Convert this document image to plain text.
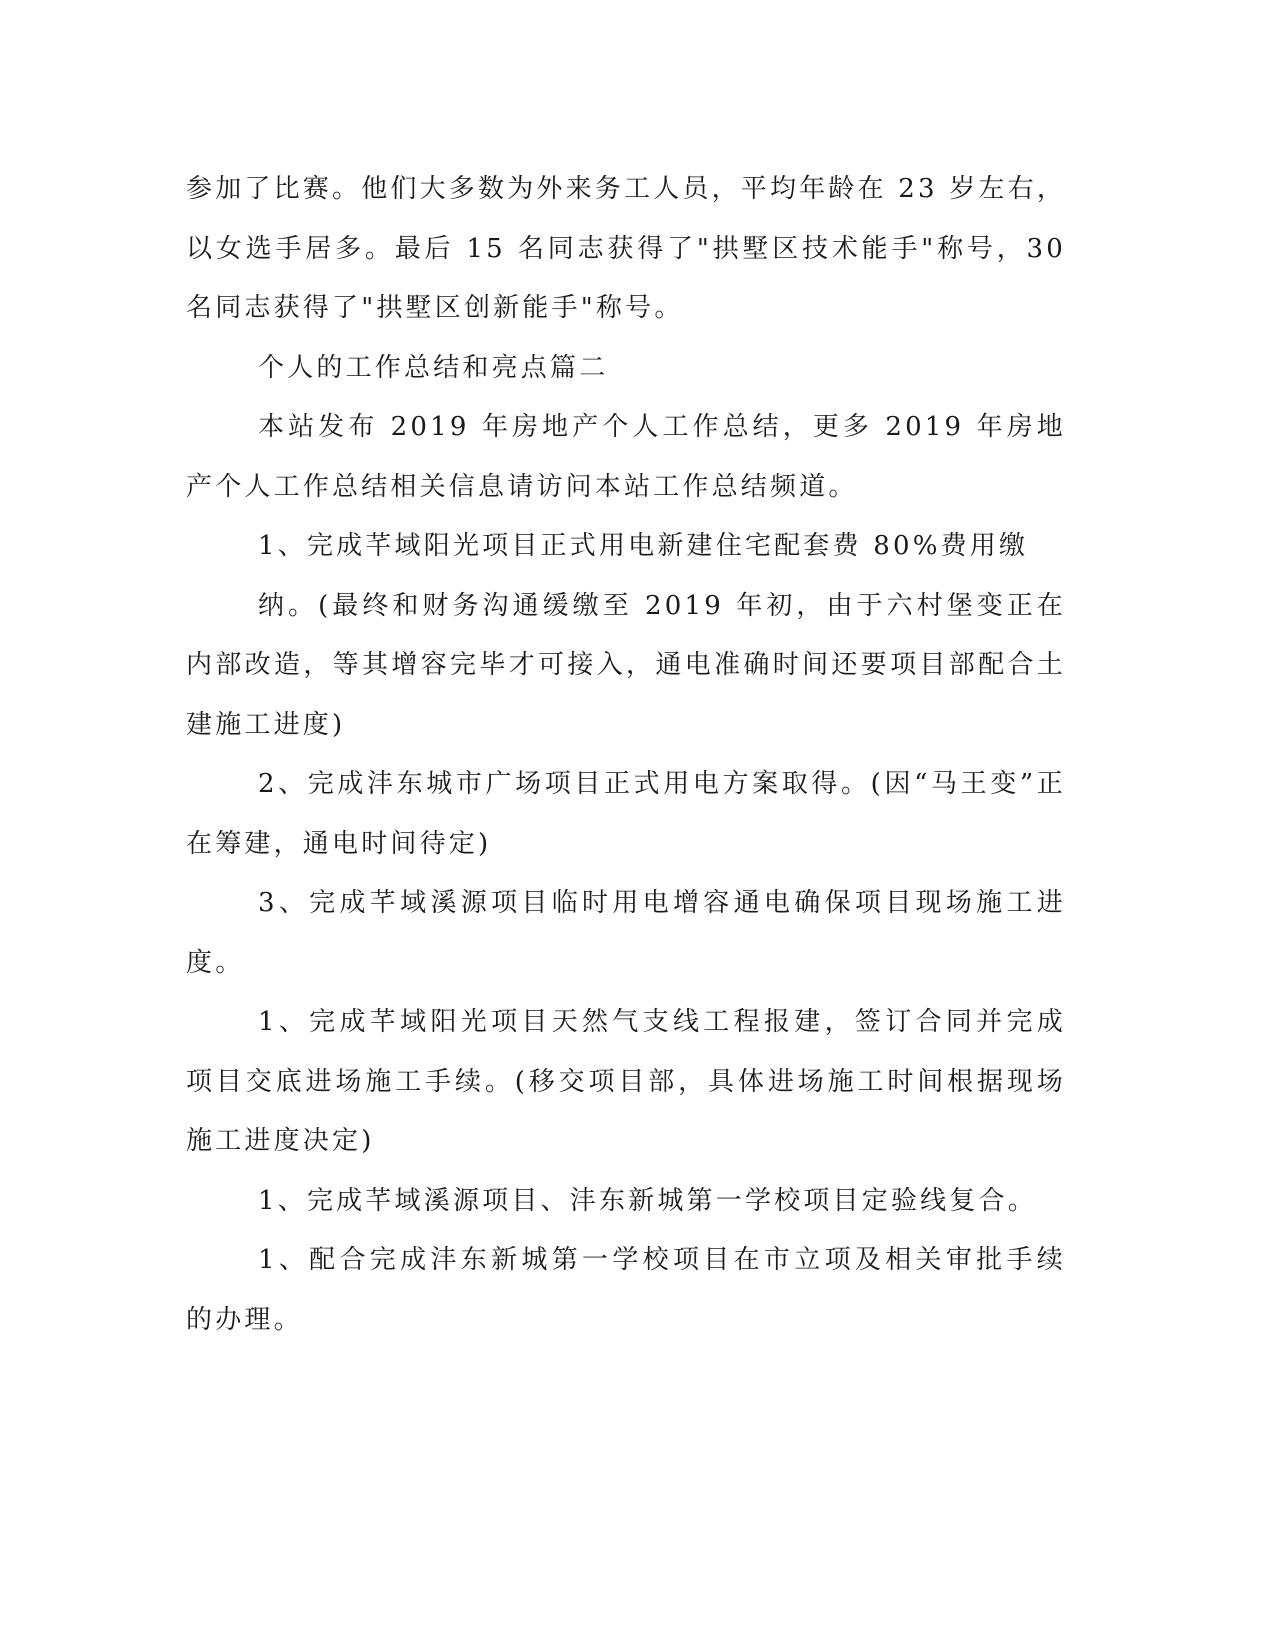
参加了比赛。他们大多数为外来务工人员，平均年龄在 23 岁左右，以女选手居多。最后 15 名同志获得了"拱墅区技术能手"称号，30 名同志获得了"拱墅区创新能手"称号。

个人的工作总结和亮点篇二

本站发布 2019 年房地产个人工作总结，更多 2019 年房地产个人工作总结相关信息请访问本站工作总结频道。

1、完成芊域阳光项目正式用电新建住宅配套费 80%费用缴

纳。(最终和财务沟通缓缴至 2019 年初，由于六村堡变正在内部改造，等其增容完毕才可接入，通电准确时间还要项目部配合土建施工进度)

2、完成沣东城市广场项目正式用电方案取得。(因“马王变”正在筹建，通电时间待定)

3、完成芊域溪源项目临时用电增容通电确保项目现场施工进度。

1、完成芊域阳光项目天然气支线工程报建，签订合同并完成项目交底进场施工手续。(移交项目部，具体进场施工时间根据现场施工进度决定)

1、完成芊域溪源项目、沣东新城第一学校项目定验线复合。

1、配合完成沣东新城第一学校项目在市立项及相关审批手续的办理。
